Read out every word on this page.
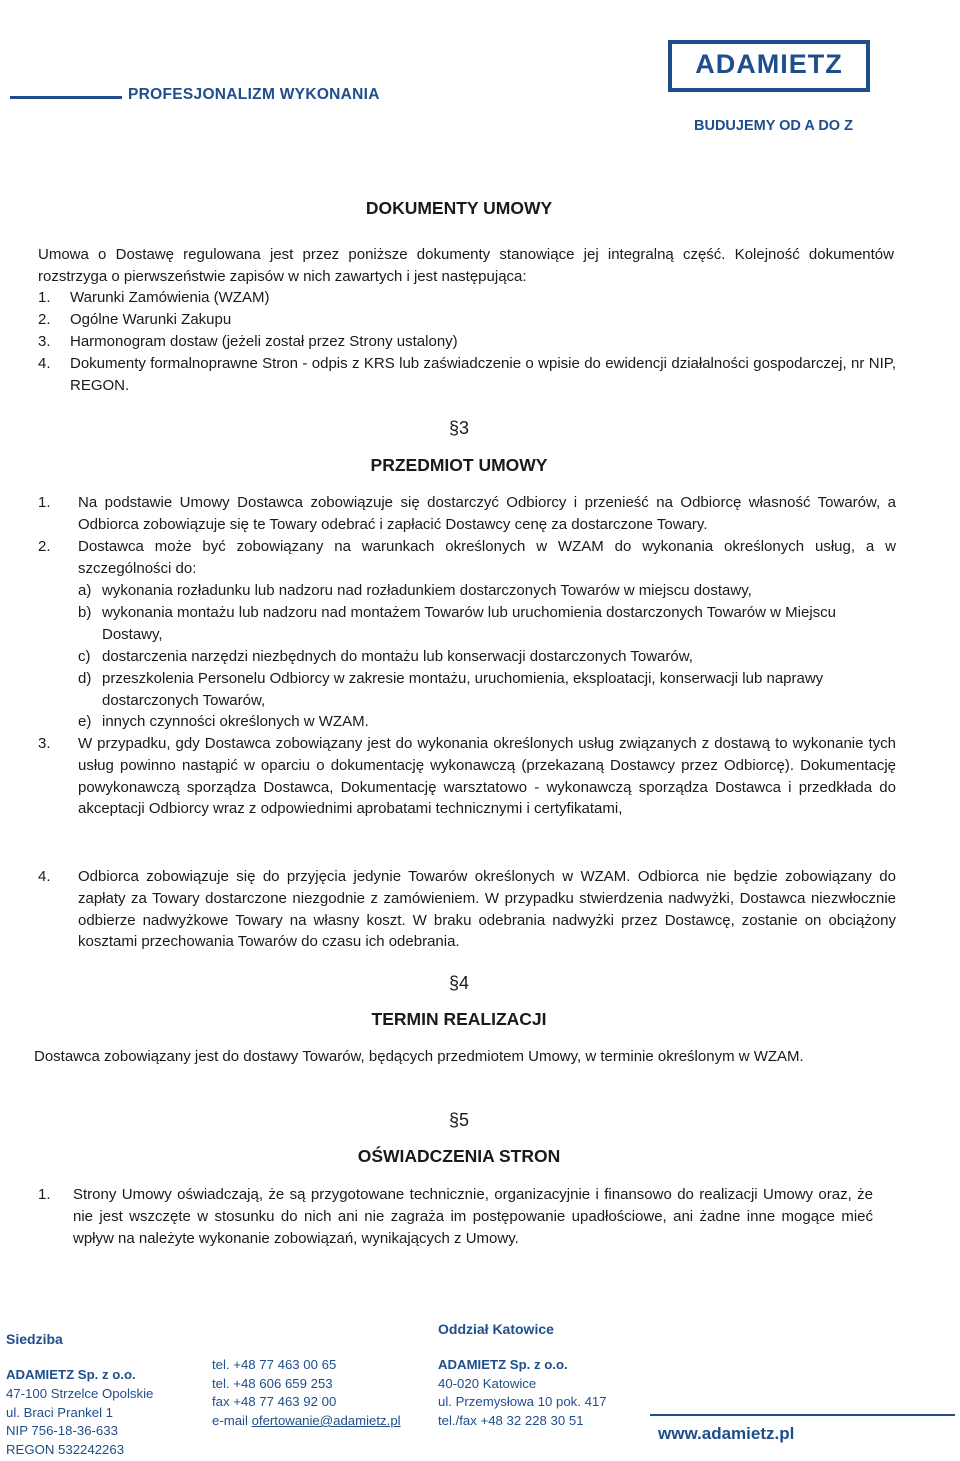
PROFESJONALIZM WYKONANIA
ADAMIETZ
BUDUJEMY OD A DO Z
DOKUMENTY UMOWY
Umowa o Dostawę regulowana jest przez poniższe dokumenty stanowiące jej integralną część. Kolejność dokumentów rozstrzyga o pierwszeństwie zapisów w nich zawartych i jest następująca:
1. Warunki Zamówienia (WZAM)
2. Ogólne Warunki Zakupu
3. Harmonogram dostaw (jeżeli został przez Strony ustalony)
4. Dokumenty formalnoprawne Stron - odpis z KRS lub zaświadczenie o wpisie do ewidencji działalności gospodarczej, nr NIP, REGON.
§3
PRZEDMIOT UMOWY
1. Na podstawie Umowy Dostawca zobowiązuje się dostarczyć Odbiorcy i przenieść na Odbiorcę własność Towarów, a Odbiorca zobowiązuje się te Towary odebrać i zapłacić Dostawcy cenę za dostarczone Towary.
2. Dostawca może być zobowiązany na warunkach określonych w WZAM do wykonania określonych usług, a w szczególności do:
a) wykonania rozładunku lub nadzoru nad rozładunkiem dostarczonych Towarów w miejscu dostawy,
b) wykonania montażu lub nadzoru nad montażem Towarów lub uruchomienia dostarczonych Towarów w Miejscu Dostawy,
c) dostarczenia narzędzi niezbędnych do montażu lub konserwacji dostarczonych Towarów,
d) przeszkolenia Personelu Odbiorcy w zakresie montażu, uruchomienia, eksploatacji, konserwacji lub naprawy dostarczonych Towarów,
e) innych czynności określonych w WZAM.
3. W przypadku, gdy Dostawca zobowiązany jest do wykonania określonych usług związanych z dostawą to wykonanie tych usług powinno nastąpić w oparciu o dokumentację wykonawczą (przekazaną Dostawcy przez Odbiorcę). Dokumentację powykonawczą sporządza Dostawca, Dokumentację warsztatowo - wykonawczą sporządza Dostawca i przedkłada do akceptacji Odbiorcy wraz z odpowiednimi aprobatami technicznymi i certyfikatami,
4. Odbiorca zobowiązuje się do przyjęcia jedynie Towarów określonych w WZAM. Odbiorca nie będzie zobowiązany do zapłaty za Towary dostarczone niezgodnie z zamówieniem. W przypadku stwierdzenia nadwyżki, Dostawca niezwłocznie odbierze nadwyżkowe Towary na własny koszt. W braku odebrania nadwyżki przez Dostawcę, zostanie on obciążony kosztami przechowania Towarów do czasu ich odebrania.
§4
TERMIN REALIZACJI
Dostawca zobowiązany jest do dostawy Towarów, będących przedmiotem Umowy, w terminie określonym w WZAM.
§5
OŚWIADCZENIA STRON
1. Strony Umowy oświadczają, że są przygotowane technicznie, organizacyjnie i finansowo do realizacji Umowy oraz, że nie jest wszczęte w stosunku do nich ani nie zagraża im postępowanie upadłościowe, ani żadne inne mogące mieć wpływ na należyte wykonanie zobowiązań, wynikających z Umowy.
Siedziba
ADAMIETZ Sp. z o.o.
47-100 Strzelce Opolskie
ul. Braci Prankel 1
NIP 756-18-36-633
REGON 532242263
tel. +48 77 463 00 65
tel. +48 606 659 253
fax +48 77 463 92 00
e-mail ofertowanie@adamietz.pl
Oddział Katowice
ADAMIETZ Sp. z o.o.
40-020 Katowice
ul. Przemysłowa 10 pok. 417
tel./fax +48 32 228 30 51
www.adamietz.pl
